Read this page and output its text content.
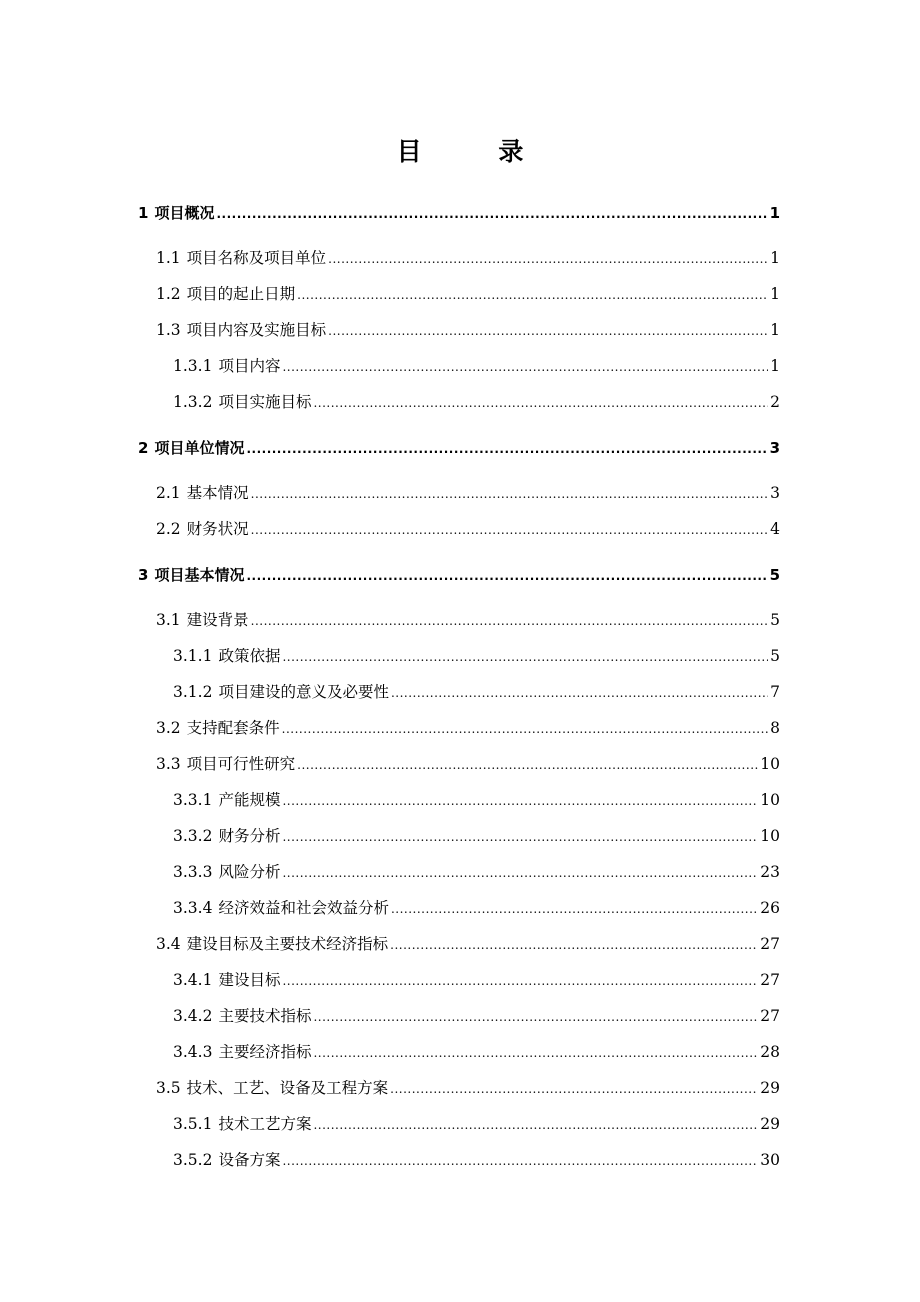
目 录
1 项目概况 .....	1
1.1 项目名称及项目单位 .....	1
1.2 项目的起止日期 .....	1
1.3 项目内容及实施目标 .....	1
1.3.1 项目内容 .....	1
1.3.2 项目实施目标 .....	2
2 项目单位情况 .....	3
2.1 基本情况 .....	3
2.2 财务状况 .....	4
3 项目基本情况 .....	5
3.1 建设背景 .....	5
3.1.1 政策依据 .....	5
3.1.2 项目建设的意义及必要性 .....	7
3.2 支持配套条件 .....	8
3.3 项目可行性研究 .....	10
3.3.1 产能规模 .....	10
3.3.2 财务分析 .....	10
3.3.3 风险分析 .....	23
3.3.4 经济效益和社会效益分析 .....	26
3.4 建设目标及主要技术经济指标 .....	27
3.4.1 建设目标 .....	27
3.4.2 主要技术指标 .....	27
3.4.3 主要经济指标 .....	28
3.5 技术、工艺、设备及工程方案 .....	29
3.5.1 技术工艺方案 .....	29
3.5.2 设备方案 .....	30
